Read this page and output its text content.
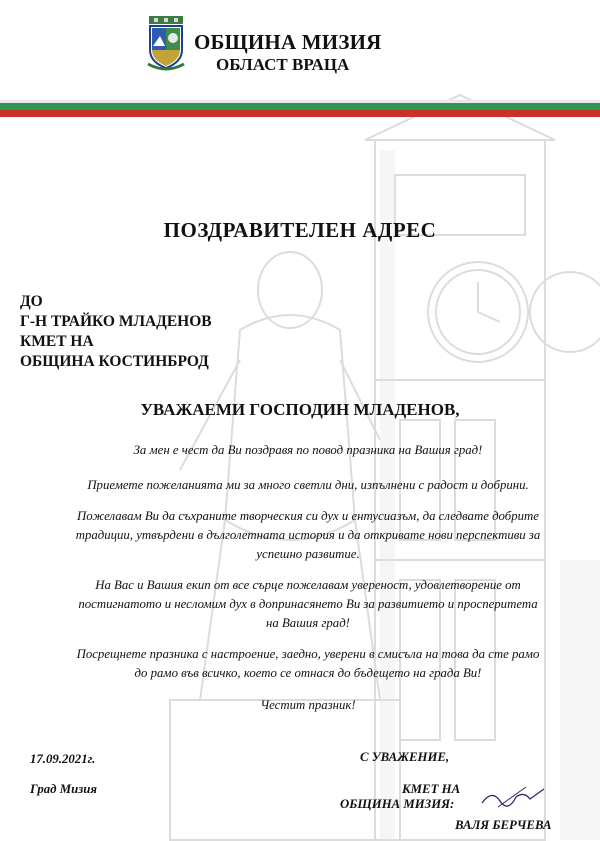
ОБЩИНА МИЗИЯ
ОБЛАСТ ВРАЦА
ПОЗДРАВИТЕЛЕН АДРЕС
ДО
Г-Н ТРАЙКО МЛАДЕНОВ
КМЕТ НА
ОБЩИНА КОСТИНБРОД
УВАЖАЕМИ ГОСПОДИН МЛАДЕНОВ,
За мен е чест да Ви поздравя по повод празника на Вашия град!
Приемете пожеланията ми за много светли дни, изпълнени с радост и добрини.
Пожелавам Ви да съхраните творческия си дух и ентусиазъм, да следвате добрите
традиции, утвърдени в дълголетната история и да откривате нови перспективи за
успешно развитие.
На Вас и Вашия екип от все сърце пожелавам увереност, удовлетворение от
постигнатото и несломим дух в допринасянето Ви за развитието и просперитета
на Вашия град!
Посрещнете празника с настроение, заедно, уверени в смисъла на това да сте рамо
до рамо във всичко, което се отнася до бъдещето на града Ви!
Честит празник!
17.09.2021г.
Град Мизия
С УВАЖЕНИЕ,
КМЕТ НА
ОБЩИНА МИЗИЯ:
ВАЛЯ БЕРЧЕВА
